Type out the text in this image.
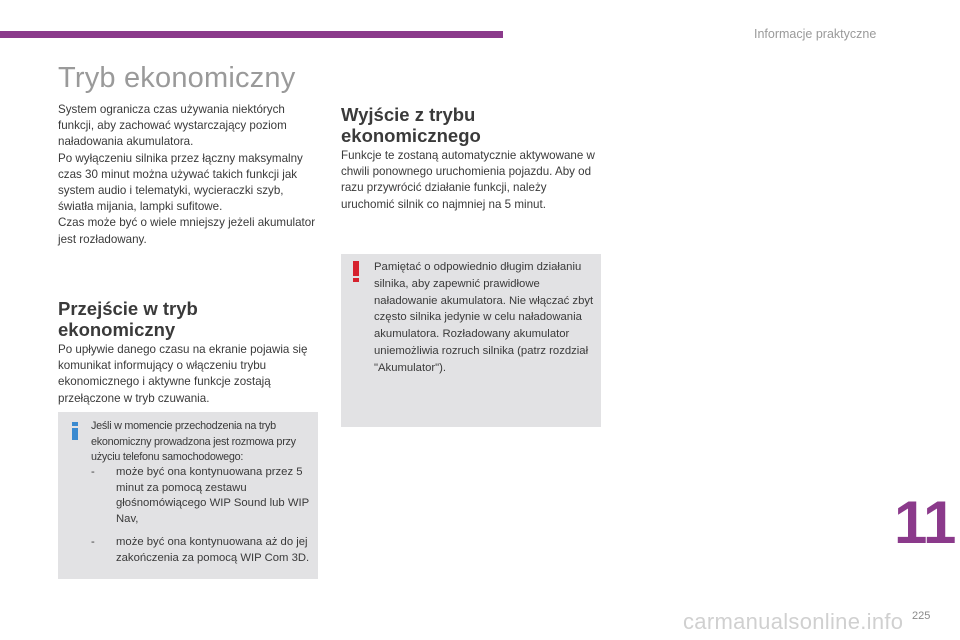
Informacje praktyczne
Tryb ekonomiczny

System ogranicza czas używania niektórych funkcji, aby zachować wystarczający poziom naładowania akumulatora.

Po wyłączeniu silnika przez łączny maksymalny czas 30 minut można używać takich funkcji jak system audio i telematyki, wycieraczki szyb, światła mijania, lampki sufitowe.

Czas może być o wiele mniejszy jeżeli akumulator jest rozładowany.

Przejście w tryb ekonomiczny

Po upływie danego czasu na ekranie pojawia się komunikat informujący o włączeniu trybu ekonomicznego i aktywne funkcje zostają przełączone w tryb czuwania.

Jeśli w momencie przechodzenia na tryb ekonomiczny prowadzona jest rozmowa przy użyciu telefonu samochodowego:

- może być ona kontynuowana przez 5 minut za pomocą zestawu głośnomówiącego WIP Sound lub WIP Nav,
- może być ona kontynuowana aż do jej zakończenia za pomocą WIP Com 3D.
Wyjście z trybu ekonomicznego

Funkcje te zostaną automatycznie aktywowane w chwili ponownego uruchomienia pojazdu. Aby od razu przywrócić działanie funkcji, należy uruchomić silnik co najmniej na 5 minut.

Pamiętać o odpowiednio długim działaniu silnika, aby zapewnić prawidłowe naładowanie akumulatora. Nie włączać zbyt często silnika jedynie w celu naładowania akumulatora. Rozładowany akumulator uniemożliwia rozruch silnika (patrz rozdział "Akumulator").

11
carmanualsonline.info 225
